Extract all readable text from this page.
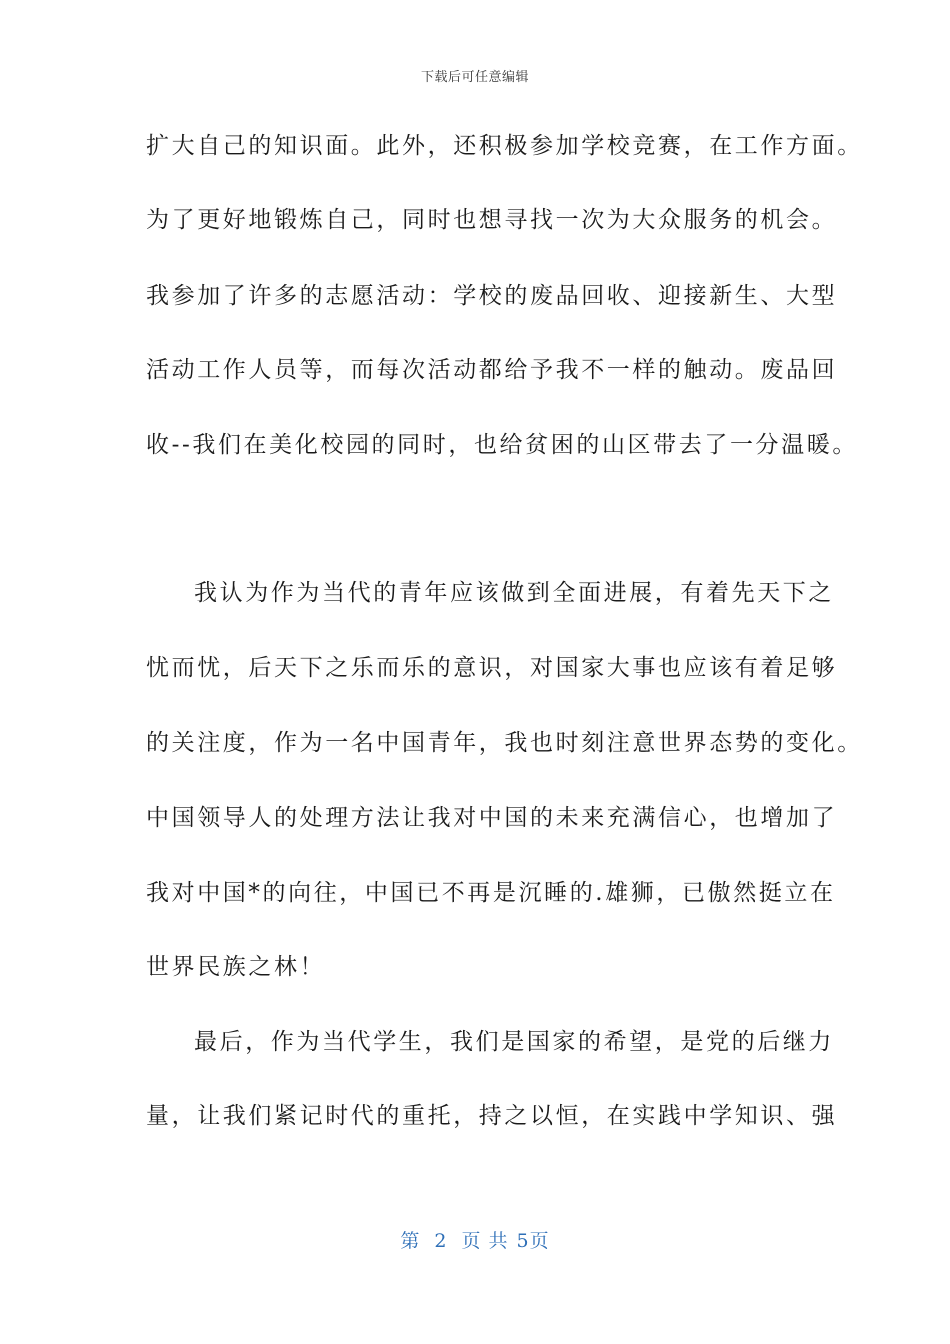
下载后可任意编辑
扩大自己的知识面。此外，还积极参加学校竞赛，在工作方面。
为了更好地锻炼自己，同时也想寻找一次为大众服务的机会。
我参加了许多的志愿活动：学校的废品回收、迎接新生、大型
活动工作人员等，而每次活动都给予我不一样的触动。废品回
收--我们在美化校园的同时，也给贫困的山区带去了一分温暖。
我认为作为当代的青年应该做到全面进展，有着先天下之
忧而忧，后天下之乐而乐的意识，对国家大事也应该有着足够
的关注度，作为一名中国青年，我也时刻注意世界态势的变化。
中国领导人的处理方法让我对中国的未来充满信心，也增加了
我对中国*的向往，中国已不再是沉睡的.雄狮，已傲然挺立在
世界民族之林！
最后，作为当代学生，我们是国家的希望，是党的后继力
量，让我们紧记时代的重托，持之以恒，在实践中学知识、强
第 2 页 共 5页
